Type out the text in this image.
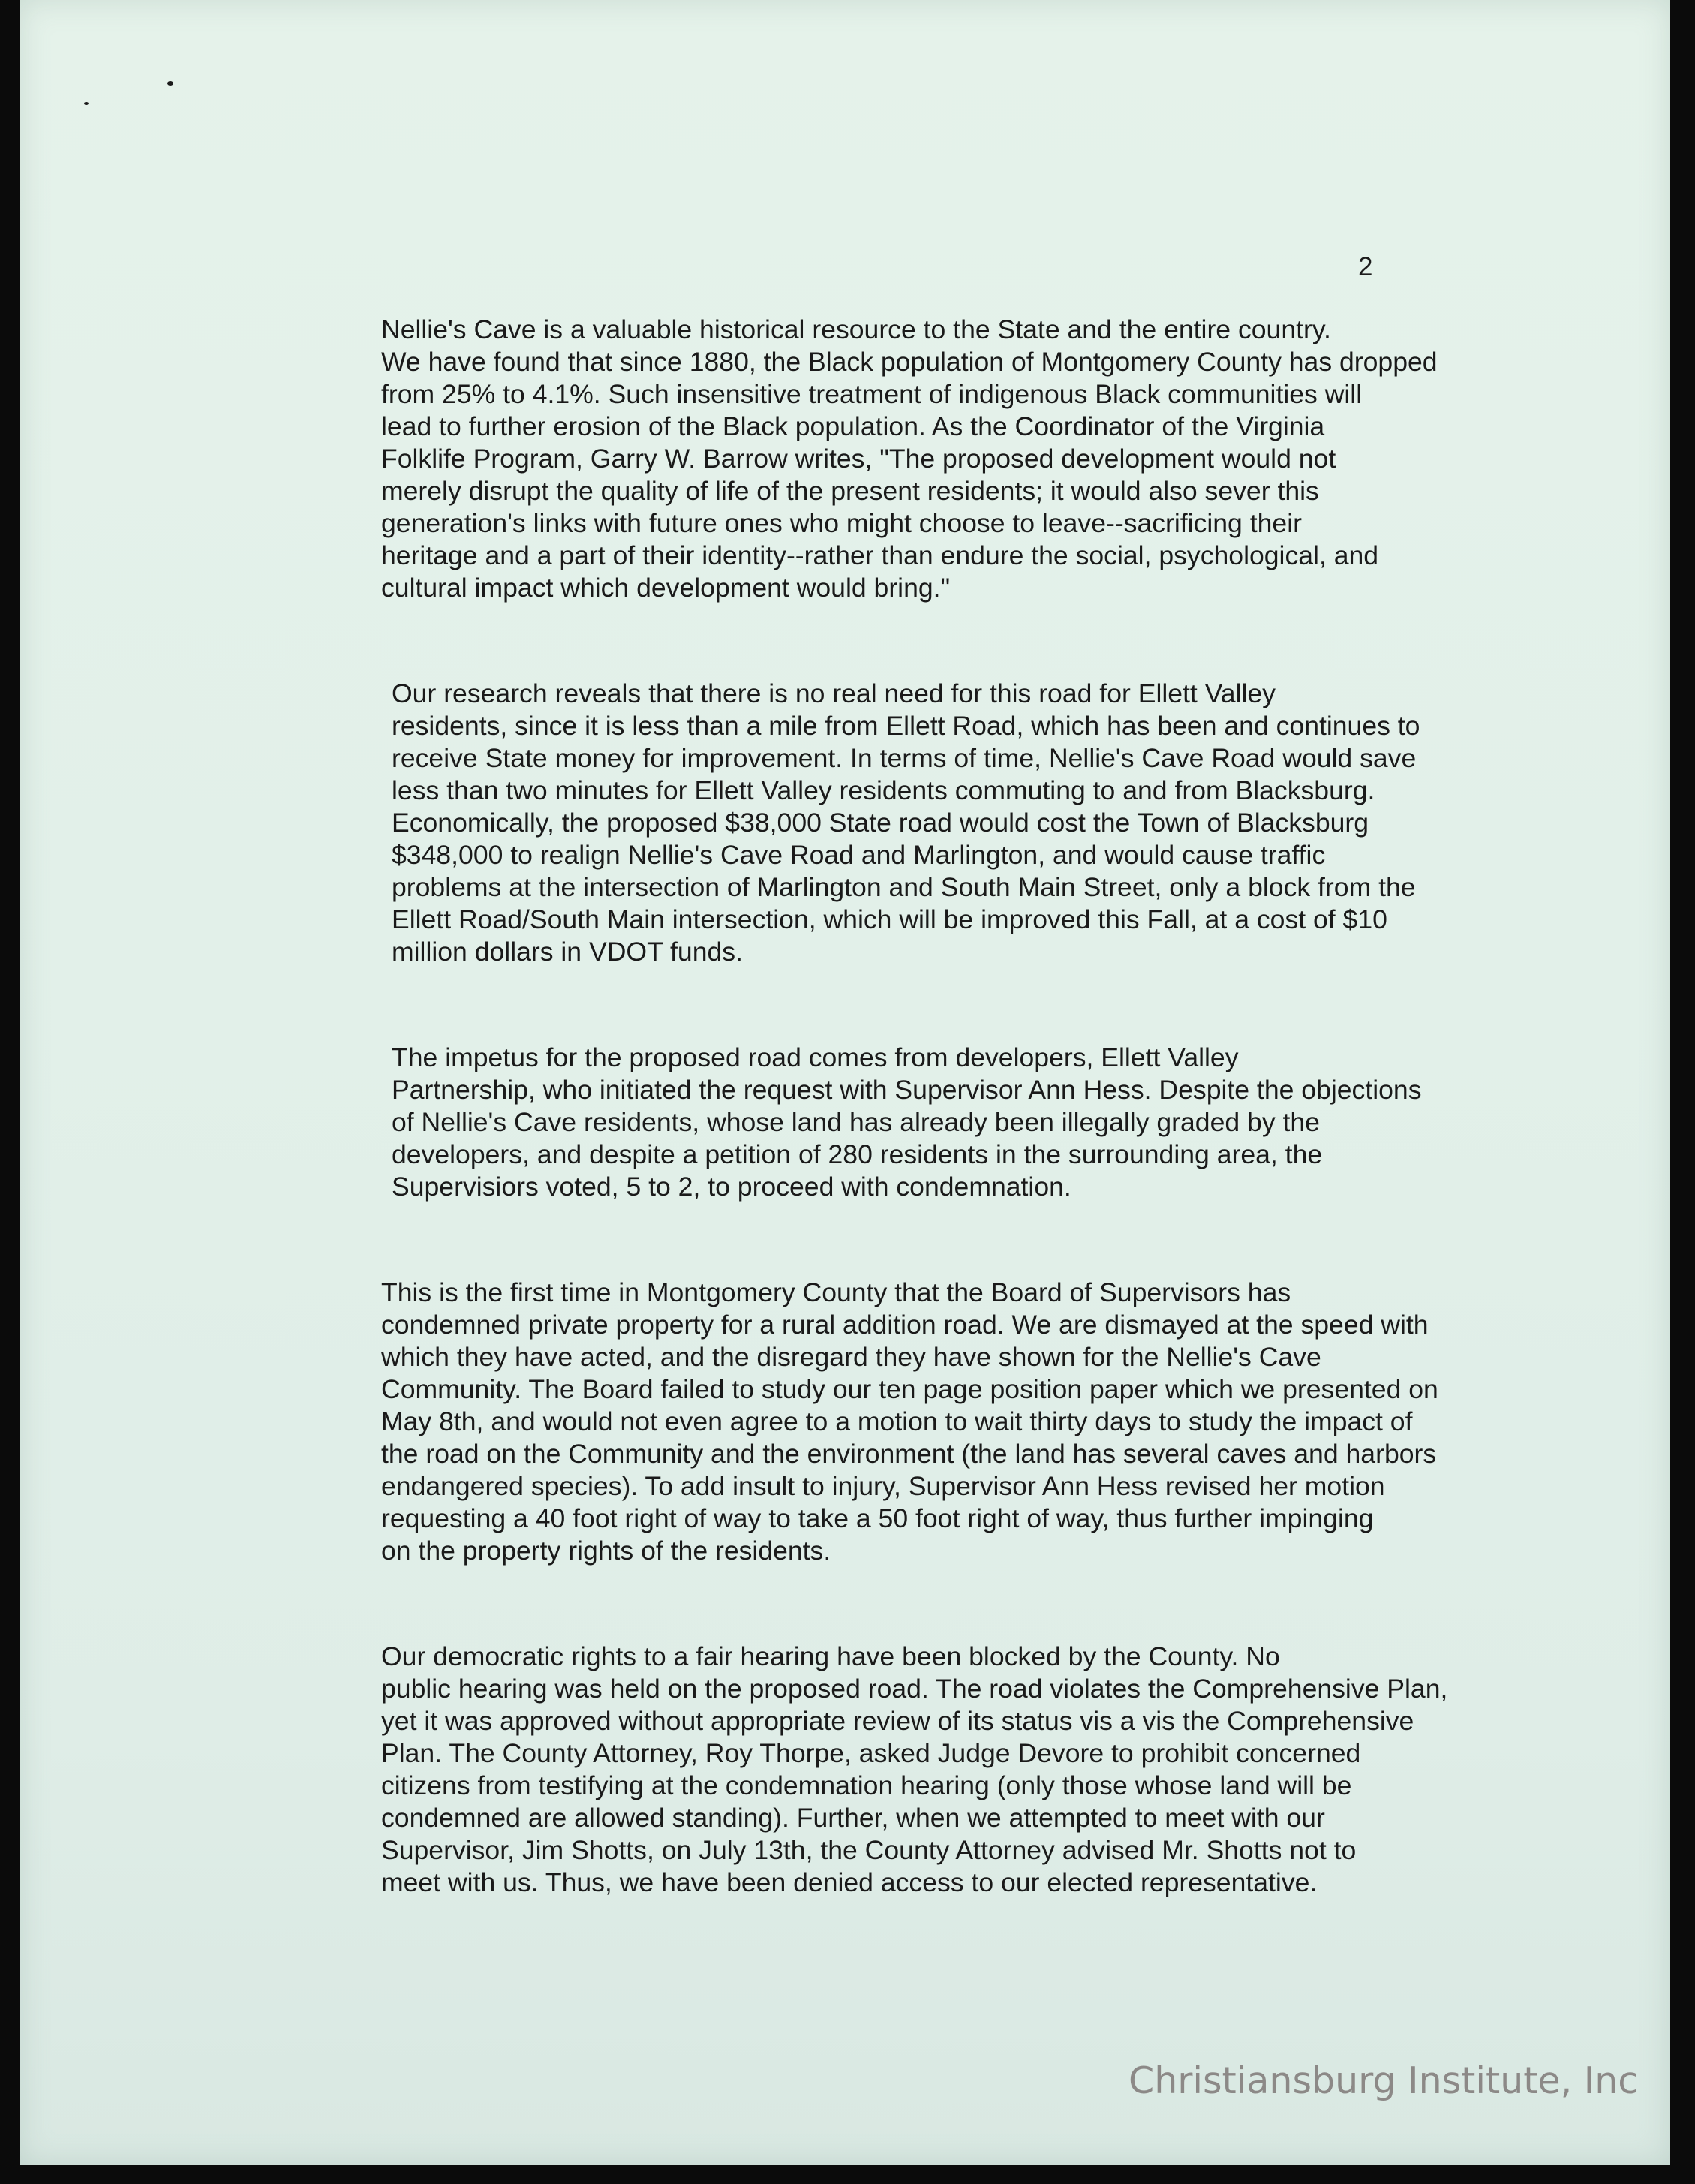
2

Nellie's Cave is a valuable historical resource to the State and the entire country.
We have found that since 1880, the Black population of Montgomery County has dropped
from 25% to 4.1%. Such insensitive treatment of indigenous Black communities will
lead to further erosion of the Black population. As the Coordinator of the Virginia
Folklife Program, Garry W. Barrow writes, "The proposed development would not
merely disrupt the quality of life of the present residents; it would also sever this
generation's links with future ones who might choose to leave--sacrificing their
heritage and a part of their identity--rather than endure the social, psychological, and
cultural impact which development would bring."

Our research reveals that there is no real need for this road for Ellett Valley
residents, since it is less than a mile from Ellett Road, which has been and continues to
receive State money for improvement. In terms of time, Nellie's Cave Road would save
less than two minutes for Ellett Valley residents commuting to and from Blacksburg.
Economically, the proposed $38,000 State road would cost the Town of Blacksburg
$348,000 to realign Nellie's Cave Road and Marlington, and would cause traffic
problems at the intersection of Marlington and South Main Street, only a block from the
Ellett Road/South Main intersection, which will be improved this Fall, at a cost of $10
million dollars in VDOT funds.

The impetus for the proposed road comes from developers, Ellett Valley
Partnership, who initiated the request with Supervisor Ann Hess. Despite the objections
of Nellie's Cave residents, whose land has already been illegally graded by the
developers, and despite a petition of 280 residents in the surrounding area, the
Supervisiors voted, 5 to 2, to proceed with condemnation.

This is the first time in Montgomery County that the Board of Supervisors has
condemned private property for a rural addition road. We are dismayed at the speed with
which they have acted, and the disregard they have shown for the Nellie's Cave
Community. The Board failed to study our ten page position paper which we presented on
May 8th, and would not even agree to a motion to wait thirty days to study the impact of
the road on the Community and the environment (the land has several caves and harbors
endangered species). To add insult to injury, Supervisor Ann Hess revised her motion
requesting a 40 foot right of way to take a 50 foot right of way, thus further impinging
on the property rights of the residents.

Our democratic rights to a fair hearing have been blocked by the County. No
public hearing was held on the proposed road. The road violates the Comprehensive Plan,
yet it was approved without appropriate review of its status vis a vis the Comprehensive
Plan. The County Attorney, Roy Thorpe, asked Judge Devore to prohibit concerned
citizens from testifying at the condemnation hearing (only those whose land will be
condemned are allowed standing). Further, when we attempted to meet with our
Supervisor, Jim Shotts, on July 13th, the County Attorney advised Mr. Shotts not to
meet with us. Thus, we have been denied access to our elected representative.

Christiansburg Institute, Inc
